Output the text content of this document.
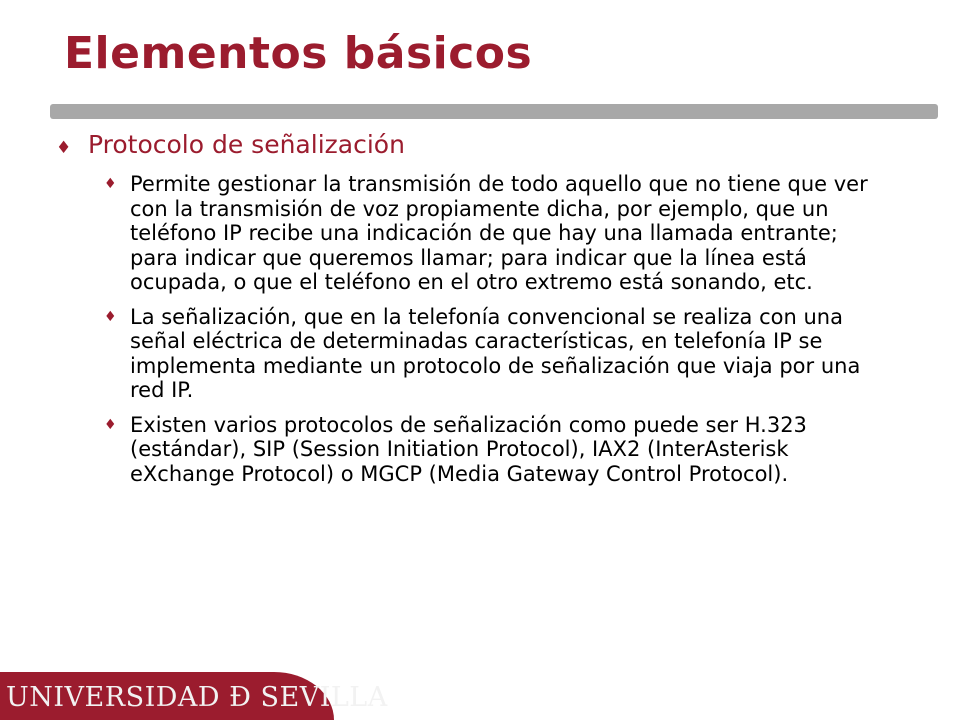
Elementos básicos
♦ Protocolo de señalización
♦ Permite gestionar la transmisión de todo aquello que no tiene que ver con la transmisión de voz propiamente dicha, por ejemplo, que un teléfono IP recibe una indicación de que hay una llamada entrante; para indicar que queremos llamar; para indicar que la línea está ocupada, o que el teléfono en el otro extremo está sonando, etc.
♦ La señalización, que en la telefonía convencional se realiza con una señal eléctrica de determinadas características, en telefonía IP se implementa mediante un protocolo de señalización que viaja por una red IP.
♦ Existen varios protocolos de señalización como puede ser H.323 (estándar), SIP (Session Initiation Protocol), IAX2 (InterAsterisk eXchange Protocol) o MGCP (Media Gateway Control Protocol).
UNIVERSIDAD Ð SEVILLA
